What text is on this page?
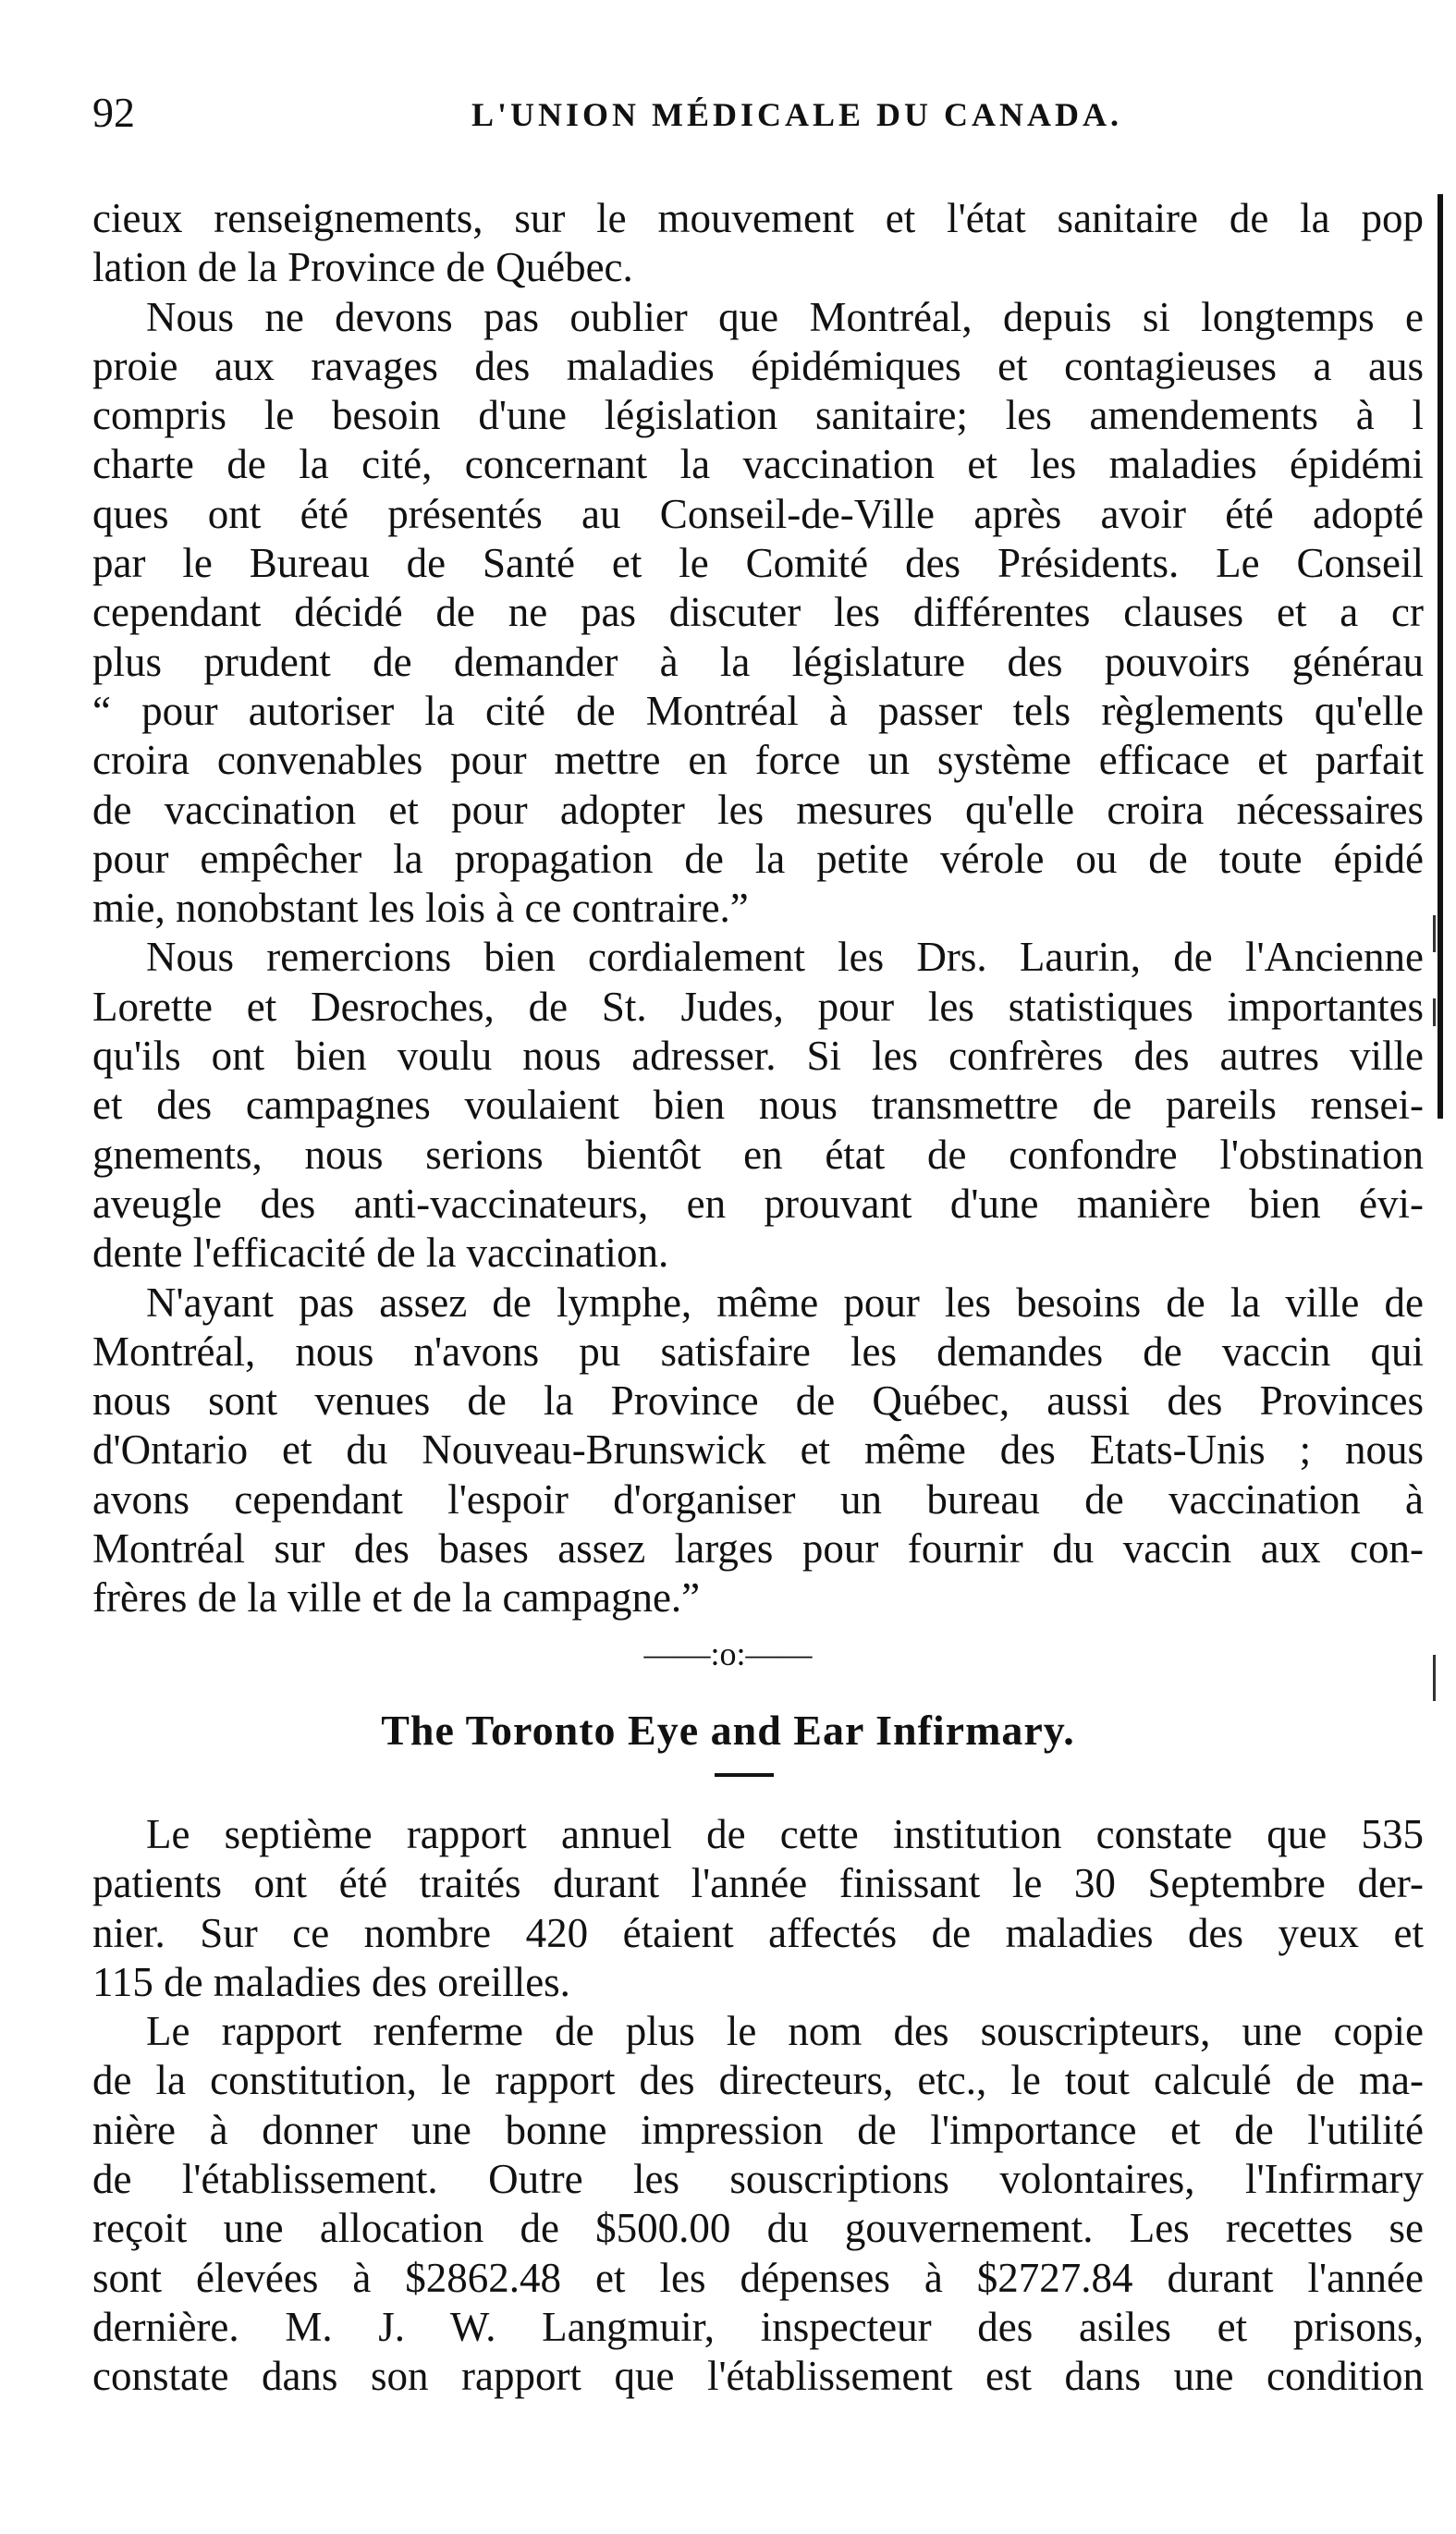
92	L'UNION MÉDICALE DU CANADA.
cieux renseignements, sur le mouvement et l'état sanitaire de la pop
lation de la Province de Québec.
Nous ne devons pas oublier que Montréal, depuis si longtemps e
proie aux ravages des maladies épidémiques et contagieuses a aus
compris le besoin d'une législation sanitaire; les amendements à l
charte de la cité, concernant la vaccination et les maladies épidémi
ques ont été présentés au Conseil-de-Ville après avoir été adopté
par le Bureau de Santé et le Comité des Présidents. Le Conseil
cependant décidé de ne pas discuter les différentes clauses et a cr
plus prudent de demander à la législature des pouvoirs générau
“ pour autoriser la cité de Montréal à passer tels règlements qu'elle
croira convenables pour mettre en force un système efficace et parfait
de vaccination et pour adopter les mesures qu'elle croira nécessaires
pour empêcher la propagation de la petite vérole ou de toute épidé
mie, nonobstant les lois à ce contraire.”
Nous remercions bien cordialement les Drs. Laurin, de l'Ancienne
Lorette et Desroches, de St. Judes, pour les statistiques importantes
qu'ils ont bien voulu nous adresser. Si les confrères des autres ville
et des campagnes voulaient bien nous transmettre de pareils rensei-
gnements, nous serions bientôt en état de confondre l'obstination
aveugle des anti-vaccinateurs, en prouvant d'une manière bien évi-
dente l'efficacité de la vaccination.
N'ayant pas assez de lymphe, même pour les besoins de la ville de
Montréal, nous n'avons pu satisfaire les demandes de vaccin qui
nous sont venues de la Province de Québec, aussi des Provinces
d'Ontario et du Nouveau-Brunswick et même des Etats-Unis ; nous
avons cependant l'espoir d'organiser un bureau de vaccination à
Montréal sur des bases assez larges pour fournir du vaccin aux con-
frères de la ville et de la campagne.”
——:o:——
The Toronto Eye and Ear Infirmary.
Le septième rapport annuel de cette institution constate que 535
patients ont été traités durant l'année finissant le 30 Septembre der-
nier. Sur ce nombre 420 étaient affectés de maladies des yeux et
115 de maladies des oreilles.
Le rapport renferme de plus le nom des souscripteurs, une copie
de la constitution, le rapport des directeurs, etc., le tout calculé de ma-
nière à donner une bonne impression de l'importance et de l'utilité
de l'établissement. Outre les souscriptions volontaires, l'Infirmary
reçoit une allocation de $500.00 du gouvernement. Les recettes se
sont élevées à $2862.48 et les dépenses à $2727.84 durant l'année
dernière. M. J. W. Langmuir, inspecteur des asiles et prisons,
constate dans son rapport que l'établissement est dans une condition
